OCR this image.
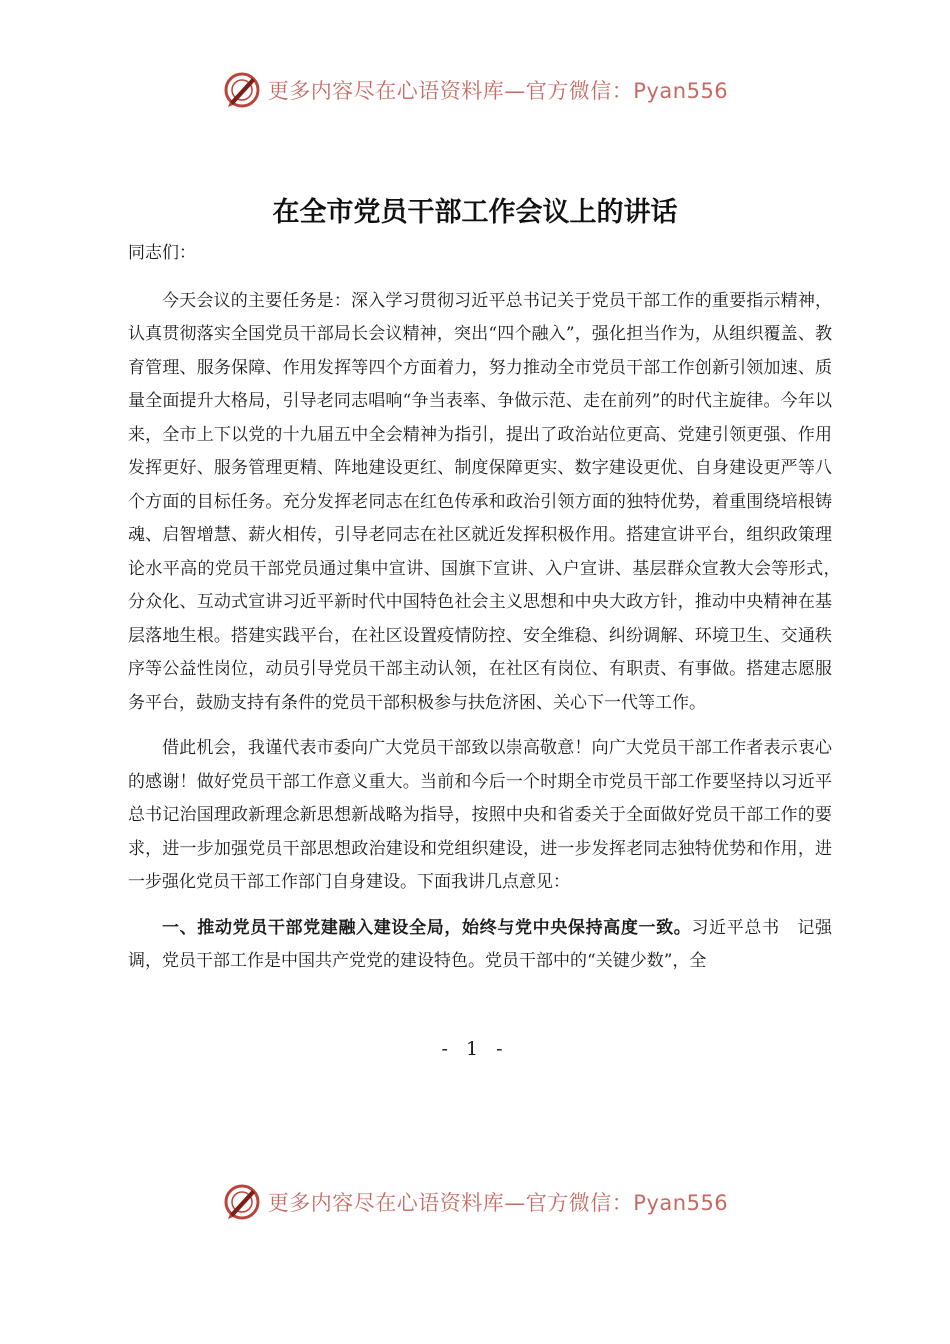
更多内容尽在心语资料库—官方微信：Pyan556
在全市党员干部工作会议上的讲话

同志们：

今天会议的主要任务是：深入学习贯彻习近平总书记关于党员干部工作的重要指示精神，认真贯彻落实全国党员干部局长会议精神，突出“四个融入”，强化担当作为，从组织覆盖、教育管理、服务保障、作用发挥等四个方面着力，努力推动全市党员干部工作创新引领加速、质量全面提升大格局，引导老同志唱响“争当表率、争做示范、走在前列”的时代主旋律。今年以来，全市上下以党的十九届五中全会精神为指引，提出了政治站位更高、党建引领更强、作用发挥更好、服务管理更精、阵地建设更红、制度保障更实、数字建设更优、自身建设更严等八个方面的目标任务。充分发挥老同志在红色传承和政治引领方面的独特优势，着重围绕培根铸魂、启智增慧、薪火相传，引导老同志在社区就近发挥积极作用。搭建宣讲平台，组织政策理论水平高的党员干部党员通过集中宣讲、国旗下宣讲、入户宣讲、基层群众宣教大会等形式，　分众化、互动式宣讲习近平新时代中国特色社会主义思想和中央大政方针，推动中央精神在基层落地生根。搭建实践平台，在社区设置疫情防控、安全维稳、纠纷调解、环境卫生、交通秩序等公益性岗位，动员引导党员干部主动认领，在社区有岗位、有职责、有事做。搭建志愿服务平台，鼓励支持有条件的党员干部积极参与扶危济困、关心下一代等工作。

借此机会，我谨代表市委向广大党员干部致以崇高敬意！向广大党员干部工作者表示衷心的感谢！做好党员干部工作意义重大。当前和今后一个时期全市党员干部工作要坚持以习近平总书记治国理政新理念新思想新战略为指导，按照中央和省委关于全面做好党员干部工作的要求，进一步加强党员干部思想政治建设和党组织建设，进一步发挥老同志独特优势和作用，进一步强化党员干部工作部门自身建设。下面我讲几点意见：

一、推动党员干部党建融入建设全局，始终与党中央保持高度一致。习近平总书　记强调，党员干部工作是中国共产党党的建设特色。党员干部中的“关键少数”，全

- 1 -
更多内容尽在心语资料库—官方微信：Pyan556
